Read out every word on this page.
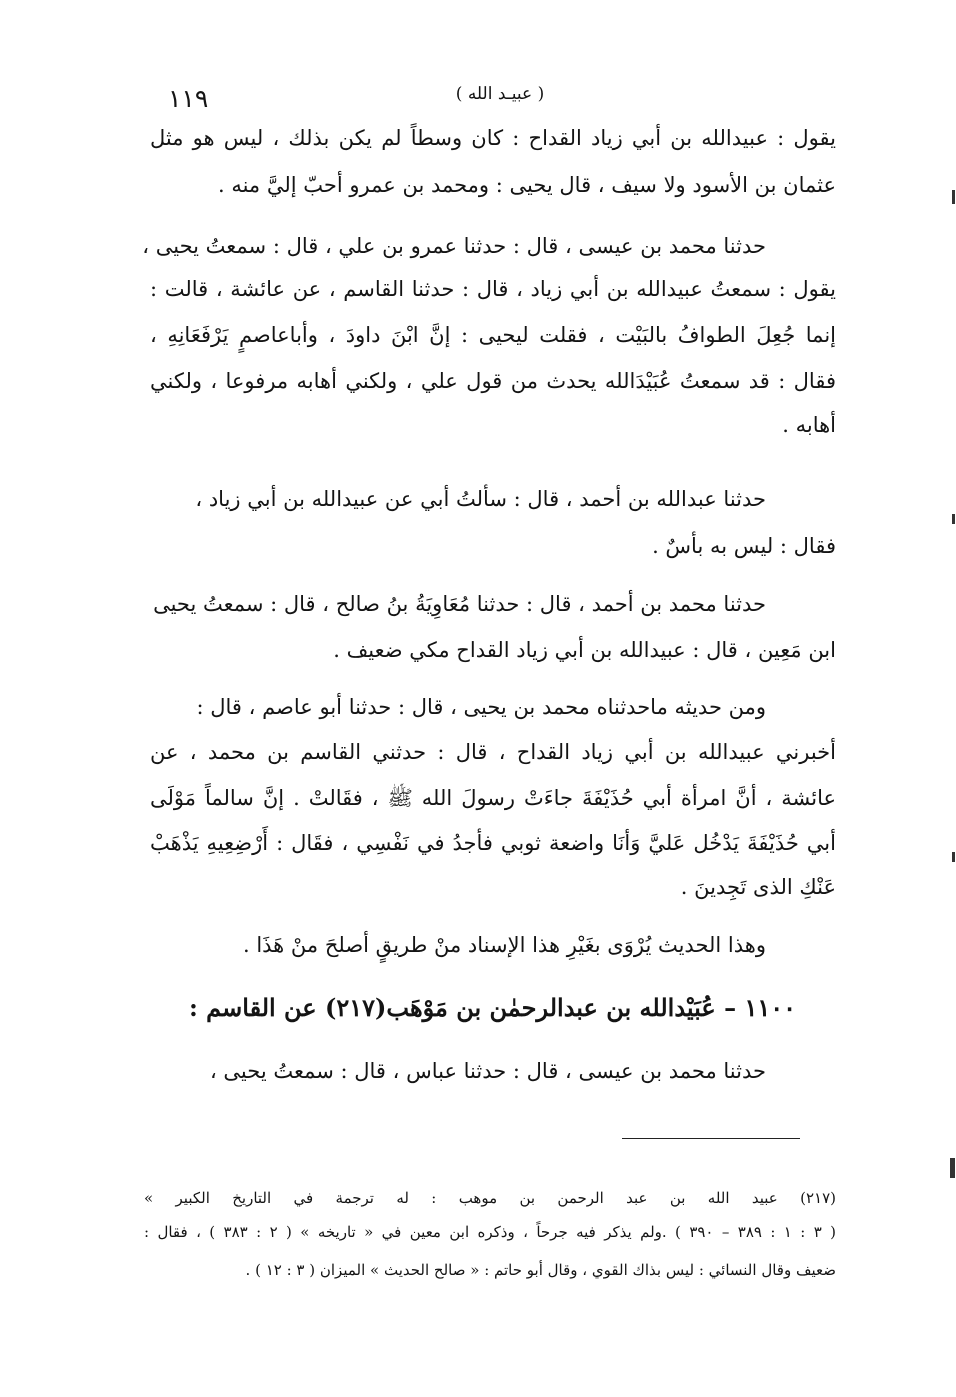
١١٩	( عبيـد الله )
يقول : عبيدالله بن أبي زياد القداح : كان وسطاً لم يكن بذلك ، ليس هو مثل
عثمان بن الأسود ولا سيف ، قال يحيى : ومحمد بن عمرو أحبّ إليَّ منه .
حدثنا محمد بن عيسى ، قال : حدثنا عمرو بن علي ، قال : سمعتُ يحيى ،
يقول : سمعتُ عبيدالله بن أبي زياد ، قال : حدثنا القاسم ، عن عائشة ، قالت :
إنما جُعِلَ الطوافُ بالبَيْت ، فقلت ليحيى : إنَّ ابْنَ داودَ ، وأباعاصمٍ يَرْفَعَانِهِ ،
فقال : قد سمعتُ عُبَيْدَالله يحدث من قول علي ، ولكني أهابه مرفوعا ، ولكني
أهابه .
حدثنا عبدالله بن أحمد ، قال : سألتُ أبي عن عبيدالله بن أبي زياد ،
فقال : ليس به بأسٌ .
حدثنا محمد بن أحمد ، قال : حدثنا مُعَاوِيَةُ بنُ صالح ، قال : سمعتُ يحيى
ابن مَعِين ، قال : عبيدالله بن أبي زياد القداح مكي ضعيف .
ومن حديثه ماحدثناه محمد بن يحيى ، قال : حدثنا أبو عاصم ، قال :
أخبرني عبيدالله بن أبي زياد القداح ، قال : حدثني القاسم بن محمد ، عن
عائشة ، أنَّ امرأة أبي حُذَيْفَةَ جاءَتْ رسولَ الله ﷺ ، فقَالتْ . إنَّ سالماً مَوْلَى
أبي حُذَيْفَةَ يَدْخُل عَليَّ وَأنَا واضعة ثوبي فأجدُ في نَفْسِي ، فقَال : أَرْضِعِيهِ يَذْهَبْ
عَنْكِ الذى تَجِدينَ .
وهذا الحديث يُرْوَى بغَيْرِ هذا الإسناد منْ طريقٍ أصلحَ منْ هَذَا .
١١٠٠ – عُبَيْدالله بن عبدالرحمٰن بن مَوْهَب(٢١٧) عن القاسم :
حدثنا محمد بن عيسى ، قال : حدثنا عباس ، قال : سمعتُ يحيى ،
(٢١٧) عبيد الله بن عبد الرحمن بن موهب : له ترجمة في التاريخ الكبير »
( ٣ : ١ : ٣٨٩ – ٣٩٠ ) .ولم يذكر فيه جرحاً ، وذكره ابن معين في « تاريخه » ( ٢ : ٣٨٣ ) ، فقال :
ضعيف وقال النسائي : ليس بذاك القوي ، وقال أبو حاتم : « صالح الحديث » الميزان ( ٣ : ١٢ ) .
